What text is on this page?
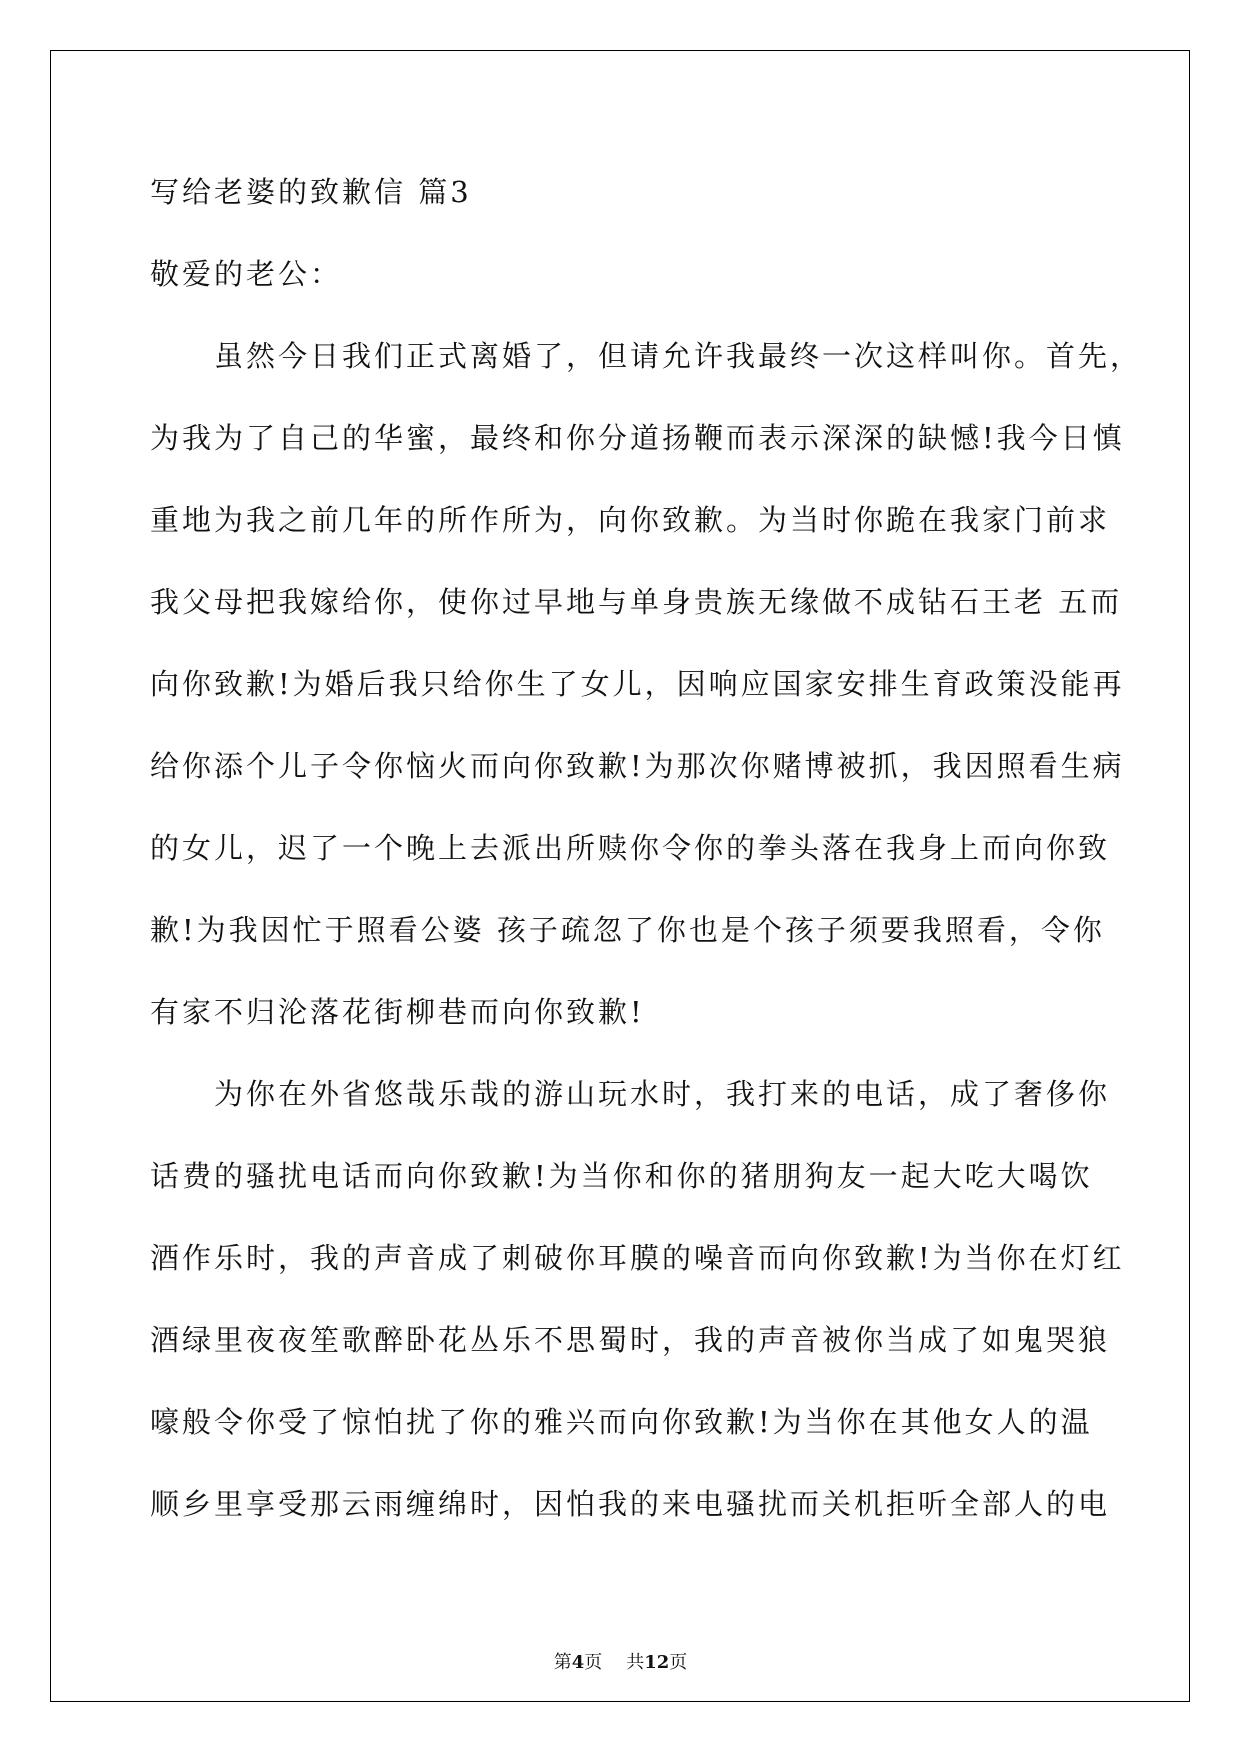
写给老婆的致歉信 篇3
敬爱的老公：
虽然今日我们正式离婚了，但请允许我最终一次这样叫你。首先，
为我为了自己的华蜜，最终和你分道扬鞭而表示深深的缺憾!我今日慎
重地为我之前几年的所作所为，向你致歉。为当时你跪在我家门前求
我父母把我嫁给你，使你过早地与单身贵族无缘做不成钻石王老 五而
向你致歉!为婚后我只给你生了女儿，因响应国家安排生育政策没能再
给你添个儿子令你恼火而向你致歉!为那次你赌博被抓，我因照看生病
的女儿，迟了一个晚上去派出所赎你令你的拳头落在我身上而向你致
歉!为我因忙于照看公婆 孩子疏忽了你也是个孩子须要我照看，令你
有家不归沦落花街柳巷而向你致歉!
为你在外省悠哉乐哉的游山玩水时，我打来的电话，成了奢侈你
话费的骚扰电话而向你致歉!为当你和你的猪朋狗友一起大吃大喝饮
酒作乐时，我的声音成了刺破你耳膜的噪音而向你致歉!为当你在灯红
酒绿里夜夜笙歌醉卧花丛乐不思蜀时，我的声音被你当成了如鬼哭狼
嚎般令你受了惊怕扰了你的雅兴而向你致歉!为当你在其他女人的温
顺乡里享受那云雨缠绵时，因怕我的来电骚扰而关机拒听全部人的电
第4页 共12页
